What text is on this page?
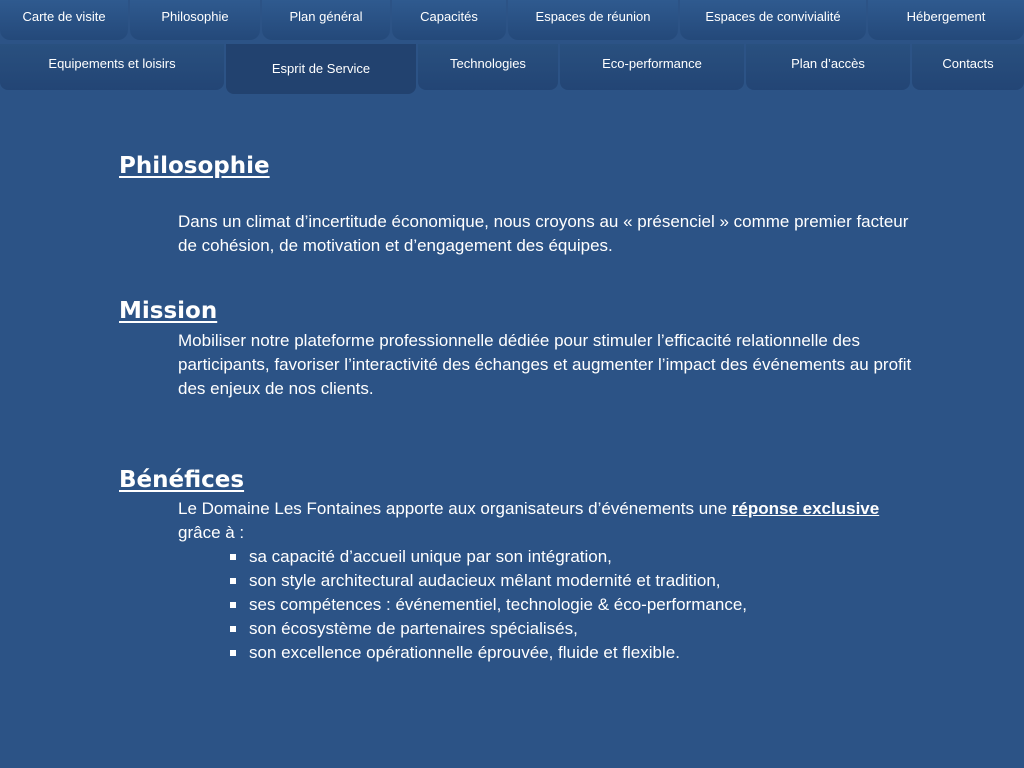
Carte de visite	Philosophie	Plan général	Capacités	Espaces de réunion	Espaces de convivialité	Hébergement
Equipements et loisirs	Esprit de Service	Technologies	Eco-performance	Plan d’accès	Contacts
Philosophie

Dans un climat d’incertitude économique, nous croyons au « présenciel » comme premier facteur de cohésion, de motivation et d’engagement des équipes.

Mission

Mobiliser notre plateforme professionnelle dédiée pour stimuler l’efficacité relationnelle des participants, favoriser l’interactivité des échanges et augmenter l’impact des événements au profit des enjeux de nos clients.

Bénéfices

Le Domaine Les Fontaines apporte aux organisateurs d’événements une réponse exclusive grâce à :

sa capacité d’accueil unique par son intégration,
son style architectural audacieux mêlant modernité et tradition,
ses compétences : événementiel, technologie & éco-performance,
son écosystème de partenaires spécialisés,
son excellence opérationnelle éprouvée, fluide et flexible.
